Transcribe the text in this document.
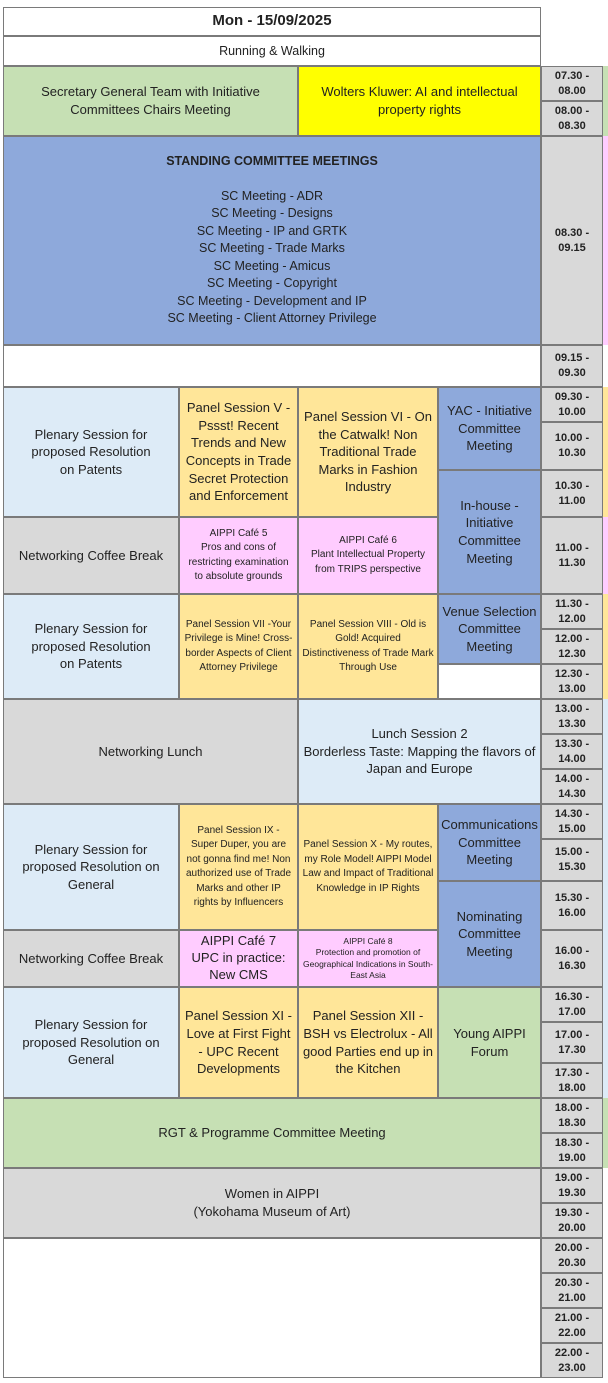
Mon - 15/09/2025
Running & Walking
Secretary General Team with Initiative Committees Chairs Meeting
Wolters Kluwer: AI and intellectual property rights
STANDING COMMITTEE MEETINGS
SC Meeting - ADR
SC Meeting - Designs
SC Meeting - IP and GRTK
SC Meeting - Trade Marks
SC Meeting - Amicus
SC Meeting - Copyright
SC Meeting - Development and IP
SC Meeting - Client Attorney Privilege
Plenary Session for proposed Resolution
on Patents
Panel Session V - Pssst! Recent Trends and New Concepts in Trade Secret Protection and Enforcement
Panel Session VI - On the Catwalk! Non Traditional Trade Marks in Fashion Industry
YAC - Initiative Committee Meeting
In-house - Initiative Committee Meeting
Networking Coffee Break
AIPPI Café 5
Pros and cons of restricting examination to absolute grounds
AIPPI Café 6
Plant Intellectual Property from TRIPS perspective
Plenary Session for proposed Resolution
on Patents
Panel Session VII -Your Privilege is Mine! Cross-border Aspects of Client Attorney Privilege
Panel Session VIII - Old is Gold! Acquired Distinctiveness of Trade Mark Through Use
Venue Selection Committee Meeting
Networking Lunch
Lunch Session 2
Borderless Taste: Mapping the flavors of Japan and Europe
Plenary Session for proposed Resolution on General
Panel Session IX - Super Duper, you are not gonna find me! Non authorized use of Trade Marks and other IP rights by Influencers
Panel Session X - My routes, my Role Model! AIPPI Model Law and Impact of Traditional Knowledge in IP Rights
Communications Committee Meeting
Nominating Committee Meeting
Networking Coffee Break
AIPPI Café 7
UPC in practice:
New CMS
AIPPI Café 8
Protection and promotion of Geographical Indications in South-East Asia
Plenary Session for proposed Resolution on General
Panel Session XI - Love at First Fight - UPC Recent Developments
Panel Session XII - BSH vs Electrolux - All good Parties end up in the Kitchen
Young AIPPI Forum
RGT & Programme Committee Meeting
Women in AIPPI
(Yokohama Museum of Art)
07.30 -
08.00
08.00 -
08.30
08.30 -
09.15
09.15 -
09.30
09.30 -
10.00
10.00 -
10.30
10.30 -
11.00
11.00 -
11.30
11.30 -
12.00
12.00 -
12.30
12.30 -
13.00
13.00 -
13.30
13.30 -
14.00
14.00 -
14.30
14.30 -
15.00
15.00 -
15.30
15.30 -
16.00
16.00 -
16.30
16.30 -
17.00
17.00 -
17.30
17.30 -
18.00
18.00 -
18.30
18.30 -
19.00
19.00 -
19.30
19.30 -
20.00
20.00 -
20.30
20.30 -
21.00
21.00 -
22.00
22.00 -
23.00
